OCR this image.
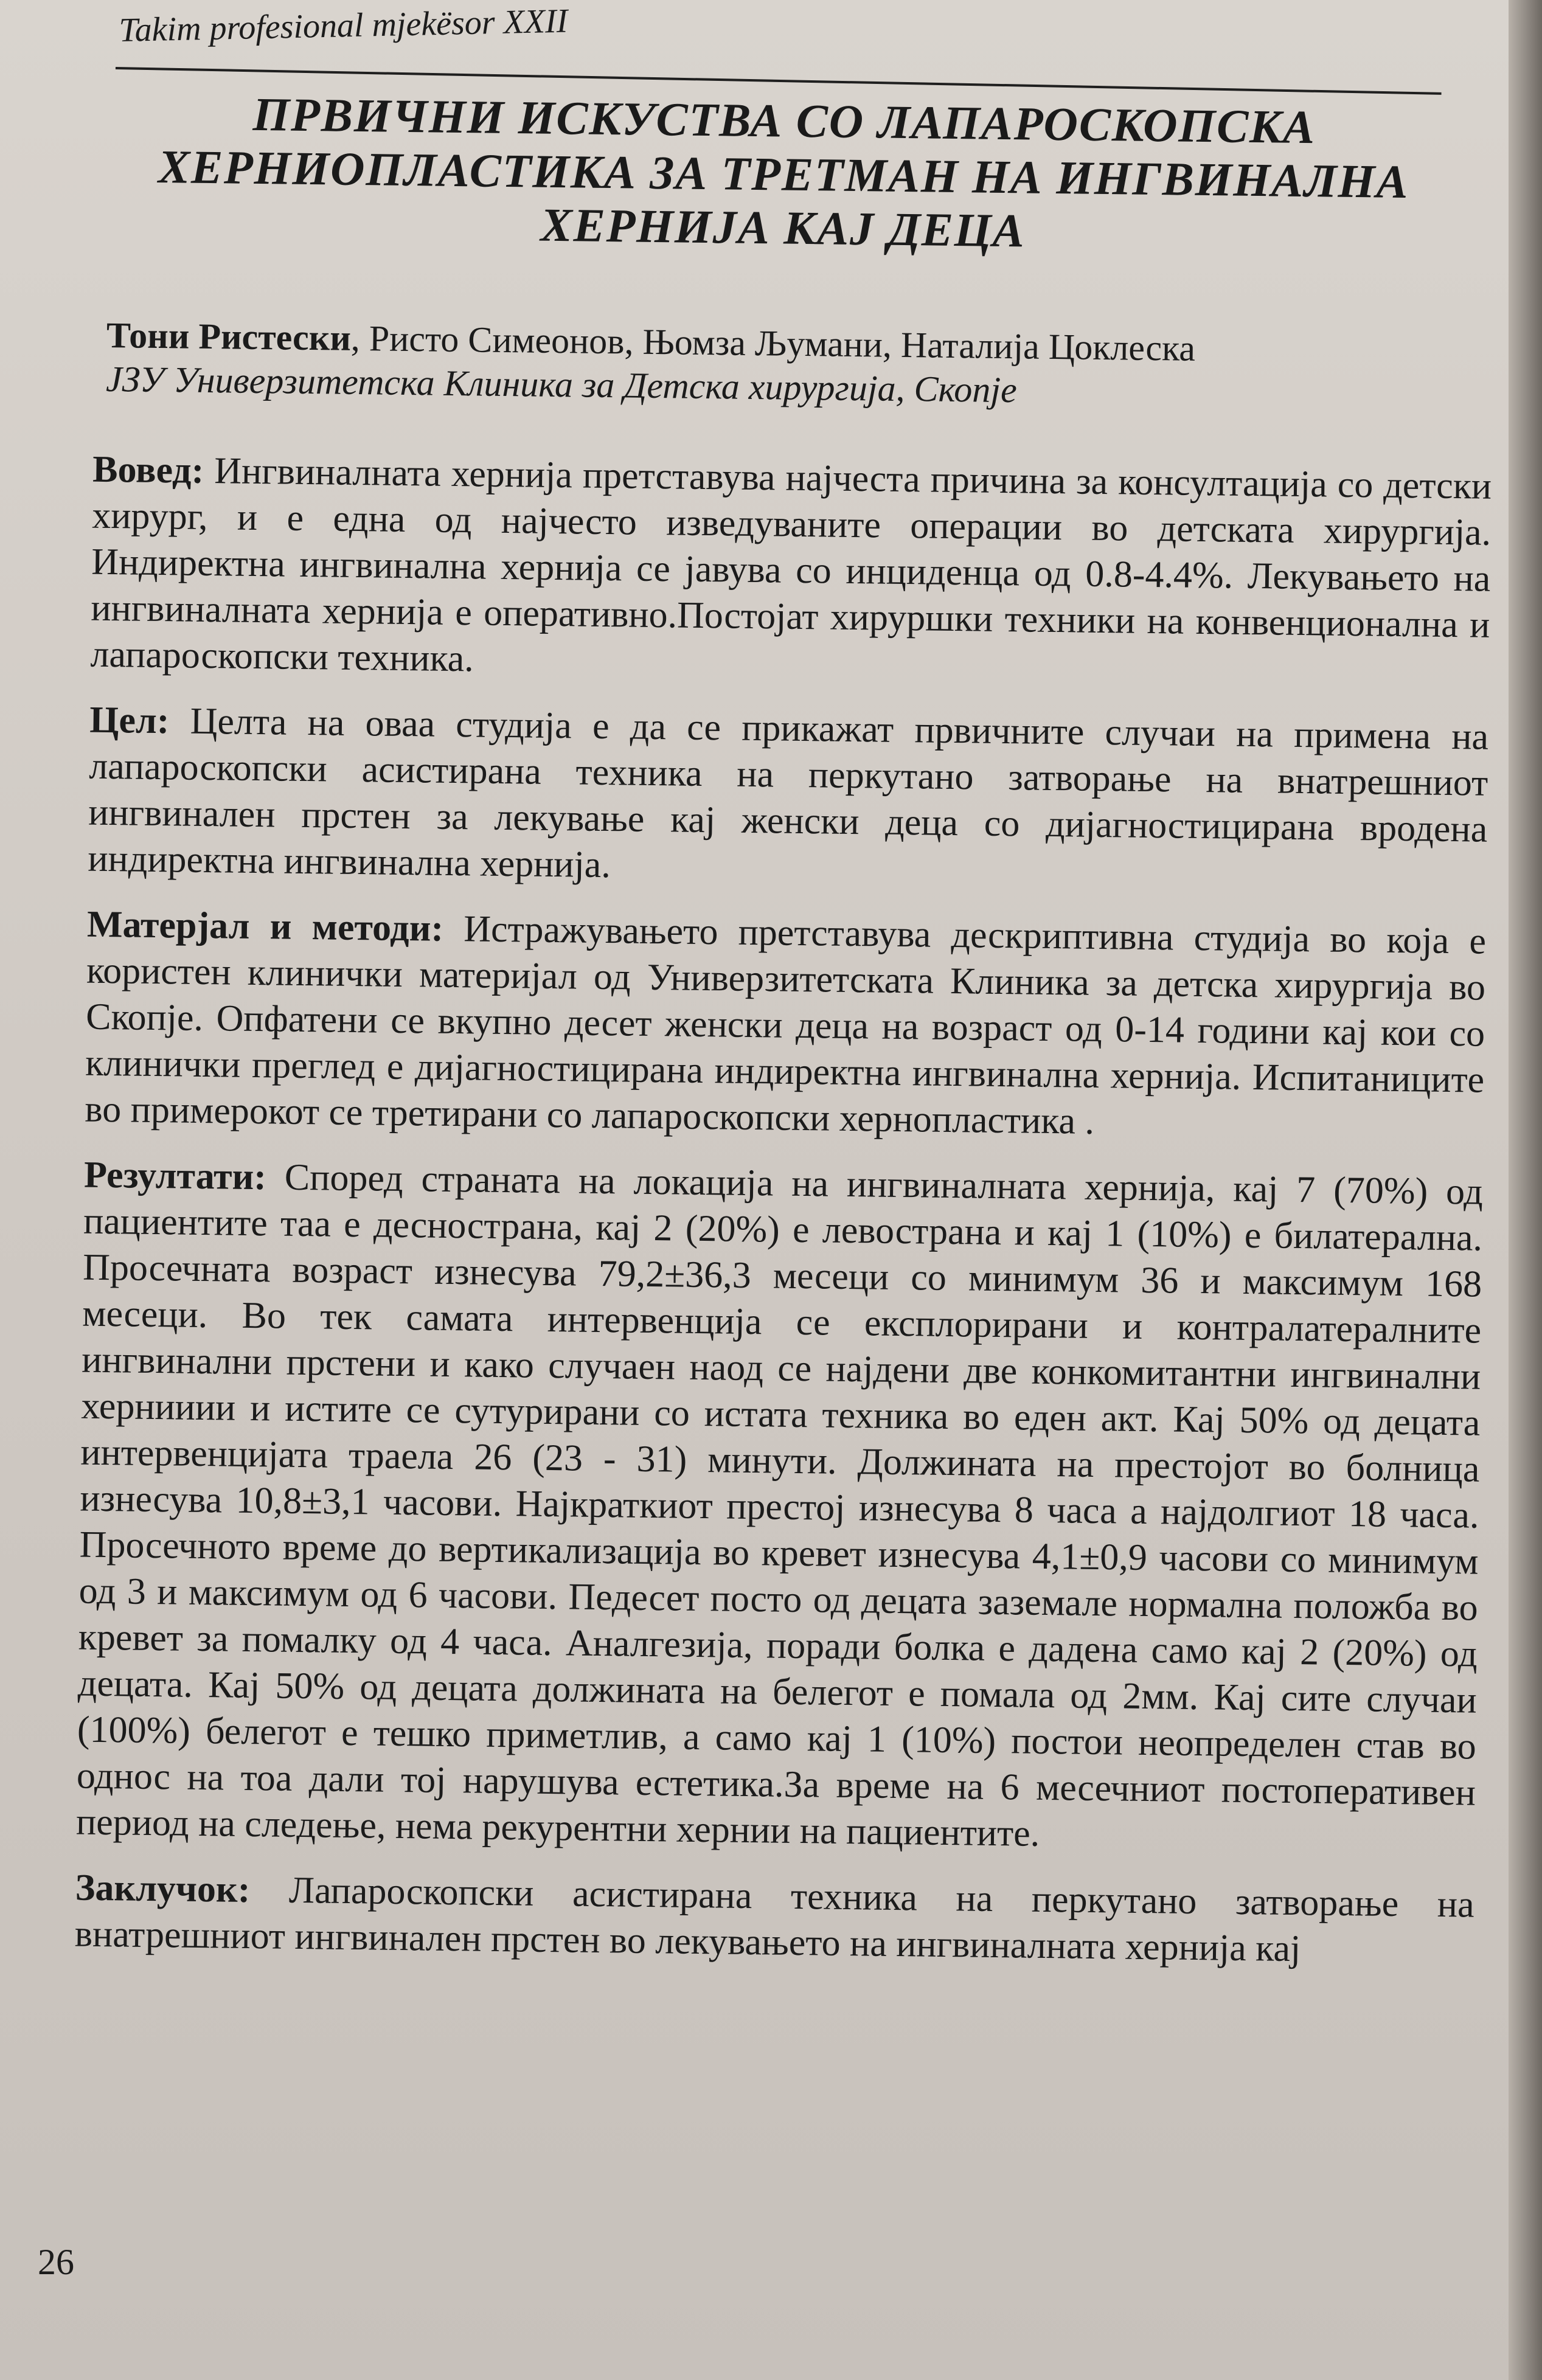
Takim profesional mjekësor XXII
ПРВИЧНИ ИСКУСТВА СО ЛАПАРОСКОПСКА
ХЕРНИОПЛАСТИКА ЗА ТРЕТМАН НА ИНГВИНАЛНА
ХЕРНИЈА КАЈ ДЕЦА
Тони Ристески, Ристо Симеонов, Њомза Љумани, Наталија Цоклеска
ЈЗУ Универзитетска Клиника за Детска хирургија, Скопје

Вовед: Ингвиналната хернија претставува најчеста причина за консултација со детски хирург, и е една од најчесто изведуваните операции во детската хирургија. Индиректна ингвинална хернија се јавува со инциденца од 0.8-4.4%. Лекувањето на ингвиналната хернија е оперативно.Постојат хируршки техники на конвенционална и лапароскопски техника.

Цел: Целта на оваа студија е да се прикажат првичните случаи на примена на лапароскопски асистирана техника на перкутано затворање на внатрешниот ингвинален прстен за лекување кај женски деца со дијагностицирана вродена индиректна ингвинална хернија.

Матерјал и методи: Истражувањето претставува дескриптивна студија во која е користен клинички материјал од Универзитетската Клиника за детска хирургија во Скопје. Опфатени се вкупно десет женски деца на возраст од 0-14 години кај кои со клинички преглед е дијагностицирана индиректна ингвинална хернија. Испитаниците во примерокот се третирани со лапароскопски хернопластика .

Резултати: Според страната на локација на ингвиналната хернија, кај 7 (70%) од пациентите таа е деснострана, кај 2 (20%) е левострана и кај 1 (10%) е билатерална. Просечната возраст изнесува 79,2±36,3 месеци со минимум 36 и максимум 168 месеци. Во тек самата интервенција се експлорирани и контралатералните ингвинални прстени и како случаен наод се најдени две конкомитантни ингвинални хернииии и истите се сутурирани со истата техника во еден акт. Кај 50% од децата интервенцијата траела 26 (23 - 31) минути. Должината на престојот во болница изнесува 10,8±3,1 часови. Најкраткиот престој изнесува 8 часа а најдолгиот 18 часа. Просечното време до вертикализација во кревет изнесува 4,1±0,9 часови со минимум од 3 и максимум од 6 часови. Педесет посто од децата заземале нормална положба во кревет за помалку од 4 часа. Аналгезија, поради болка е дадена само кај 2 (20%) од децата. Кај 50% од децата должината на белегот е помала од 2мм. Кај сите случаи (100%) белегот е тешко приметлив, а само кај 1 (10%) постои неопределен став во однос на тоа дали тој нарушува естетика.За време на 6 месечниот постоперативен период на следење, нема рекурентни хернии на пациентите.

Заклучок: Лапароскопски асистирана техника на перкутано затворање на внатрешниот ингвинален прстен во лекувањето на ингвиналната хернија кај

26
